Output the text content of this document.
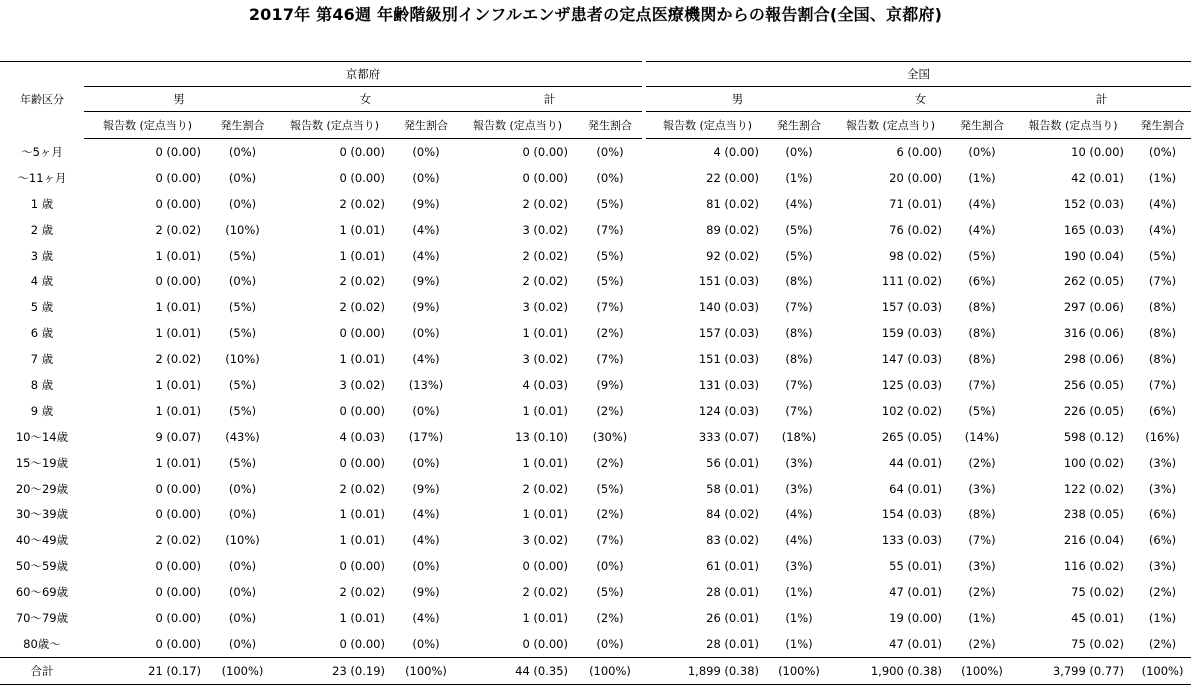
2017年 第46週 年齢階級別インフルエンザ患者の定点医療機関からの報告割合(全国、京都府)
	京都府							全国					
	男		女		計			男		女		計	
年齢区分	報告数 (定点当り)	発生割合	報告数 (定点当り)	発生割合	報告数 (定点当り)	発生割合		報告数 (定点当り)	発生割合	報告数 (定点当り)	発生割合	報告数 (定点当り)	発生割合
〜5ヶ月	0 (0.00)	(0%)	0 (0.00)	(0%)	0 (0.00)	(0%)		4 (0.00)	(0%)	6 (0.00)	(0%)	10 (0.00)	(0%)
〜11ヶ月	0 (0.00)	(0%)	0 (0.00)	(0%)	0 (0.00)	(0%)		22 (0.00)	(1%)	20 (0.00)	(1%)	42 (0.01)	(1%)
1 歳	0 (0.00)	(0%)	2 (0.02)	(9%)	2 (0.02)	(5%)		81 (0.02)	(4%)	71 (0.01)	(4%)	152 (0.03)	(4%)
2 歳	2 (0.02)	(10%)	1 (0.01)	(4%)	3 (0.02)	(7%)		89 (0.02)	(5%)	76 (0.02)	(4%)	165 (0.03)	(4%)
3 歳	1 (0.01)	(5%)	1 (0.01)	(4%)	2 (0.02)	(5%)		92 (0.02)	(5%)	98 (0.02)	(5%)	190 (0.04)	(5%)
4 歳	0 (0.00)	(0%)	2 (0.02)	(9%)	2 (0.02)	(5%)		151 (0.03)	(8%)	111 (0.02)	(6%)	262 (0.05)	(7%)
5 歳	1 (0.01)	(5%)	2 (0.02)	(9%)	3 (0.02)	(7%)		140 (0.03)	(7%)	157 (0.03)	(8%)	297 (0.06)	(8%)
6 歳	1 (0.01)	(5%)	0 (0.00)	(0%)	1 (0.01)	(2%)		157 (0.03)	(8%)	159 (0.03)	(8%)	316 (0.06)	(8%)
7 歳	2 (0.02)	(10%)	1 (0.01)	(4%)	3 (0.02)	(7%)		151 (0.03)	(8%)	147 (0.03)	(8%)	298 (0.06)	(8%)
8 歳	1 (0.01)	(5%)	3 (0.02)	(13%)	4 (0.03)	(9%)		131 (0.03)	(7%)	125 (0.03)	(7%)	256 (0.05)	(7%)
9 歳	1 (0.01)	(5%)	0 (0.00)	(0%)	1 (0.01)	(2%)		124 (0.03)	(7%)	102 (0.02)	(5%)	226 (0.05)	(6%)
10〜14歳	9 (0.07)	(43%)	4 (0.03)	(17%)	13 (0.10)	(30%)		333 (0.07)	(18%)	265 (0.05)	(14%)	598 (0.12)	(16%)
15〜19歳	1 (0.01)	(5%)	0 (0.00)	(0%)	1 (0.01)	(2%)		56 (0.01)	(3%)	44 (0.01)	(2%)	100 (0.02)	(3%)
20〜29歳	0 (0.00)	(0%)	2 (0.02)	(9%)	2 (0.02)	(5%)		58 (0.01)	(3%)	64 (0.01)	(3%)	122 (0.02)	(3%)
30〜39歳	0 (0.00)	(0%)	1 (0.01)	(4%)	1 (0.01)	(2%)		84 (0.02)	(4%)	154 (0.03)	(8%)	238 (0.05)	(6%)
40〜49歳	2 (0.02)	(10%)	1 (0.01)	(4%)	3 (0.02)	(7%)		83 (0.02)	(4%)	133 (0.03)	(7%)	216 (0.04)	(6%)
50〜59歳	0 (0.00)	(0%)	0 (0.00)	(0%)	0 (0.00)	(0%)		61 (0.01)	(3%)	55 (0.01)	(3%)	116 (0.02)	(3%)
60〜69歳	0 (0.00)	(0%)	2 (0.02)	(9%)	2 (0.02)	(5%)		28 (0.01)	(1%)	47 (0.01)	(2%)	75 (0.02)	(2%)
70〜79歳	0 (0.00)	(0%)	1 (0.01)	(4%)	1 (0.01)	(2%)		26 (0.01)	(1%)	19 (0.00)	(1%)	45 (0.01)	(1%)
80歳〜	0 (0.00)	(0%)	0 (0.00)	(0%)	0 (0.00)	(0%)		28 (0.01)	(1%)	47 (0.01)	(2%)	75 (0.02)	(2%)
合計	21 (0.17)	(100%)	23 (0.19)	(100%)	44 (0.35)	(100%)		1,899 (0.38)	(100%)	1,900 (0.38)	(100%)	3,799 (0.77)	(100%)
